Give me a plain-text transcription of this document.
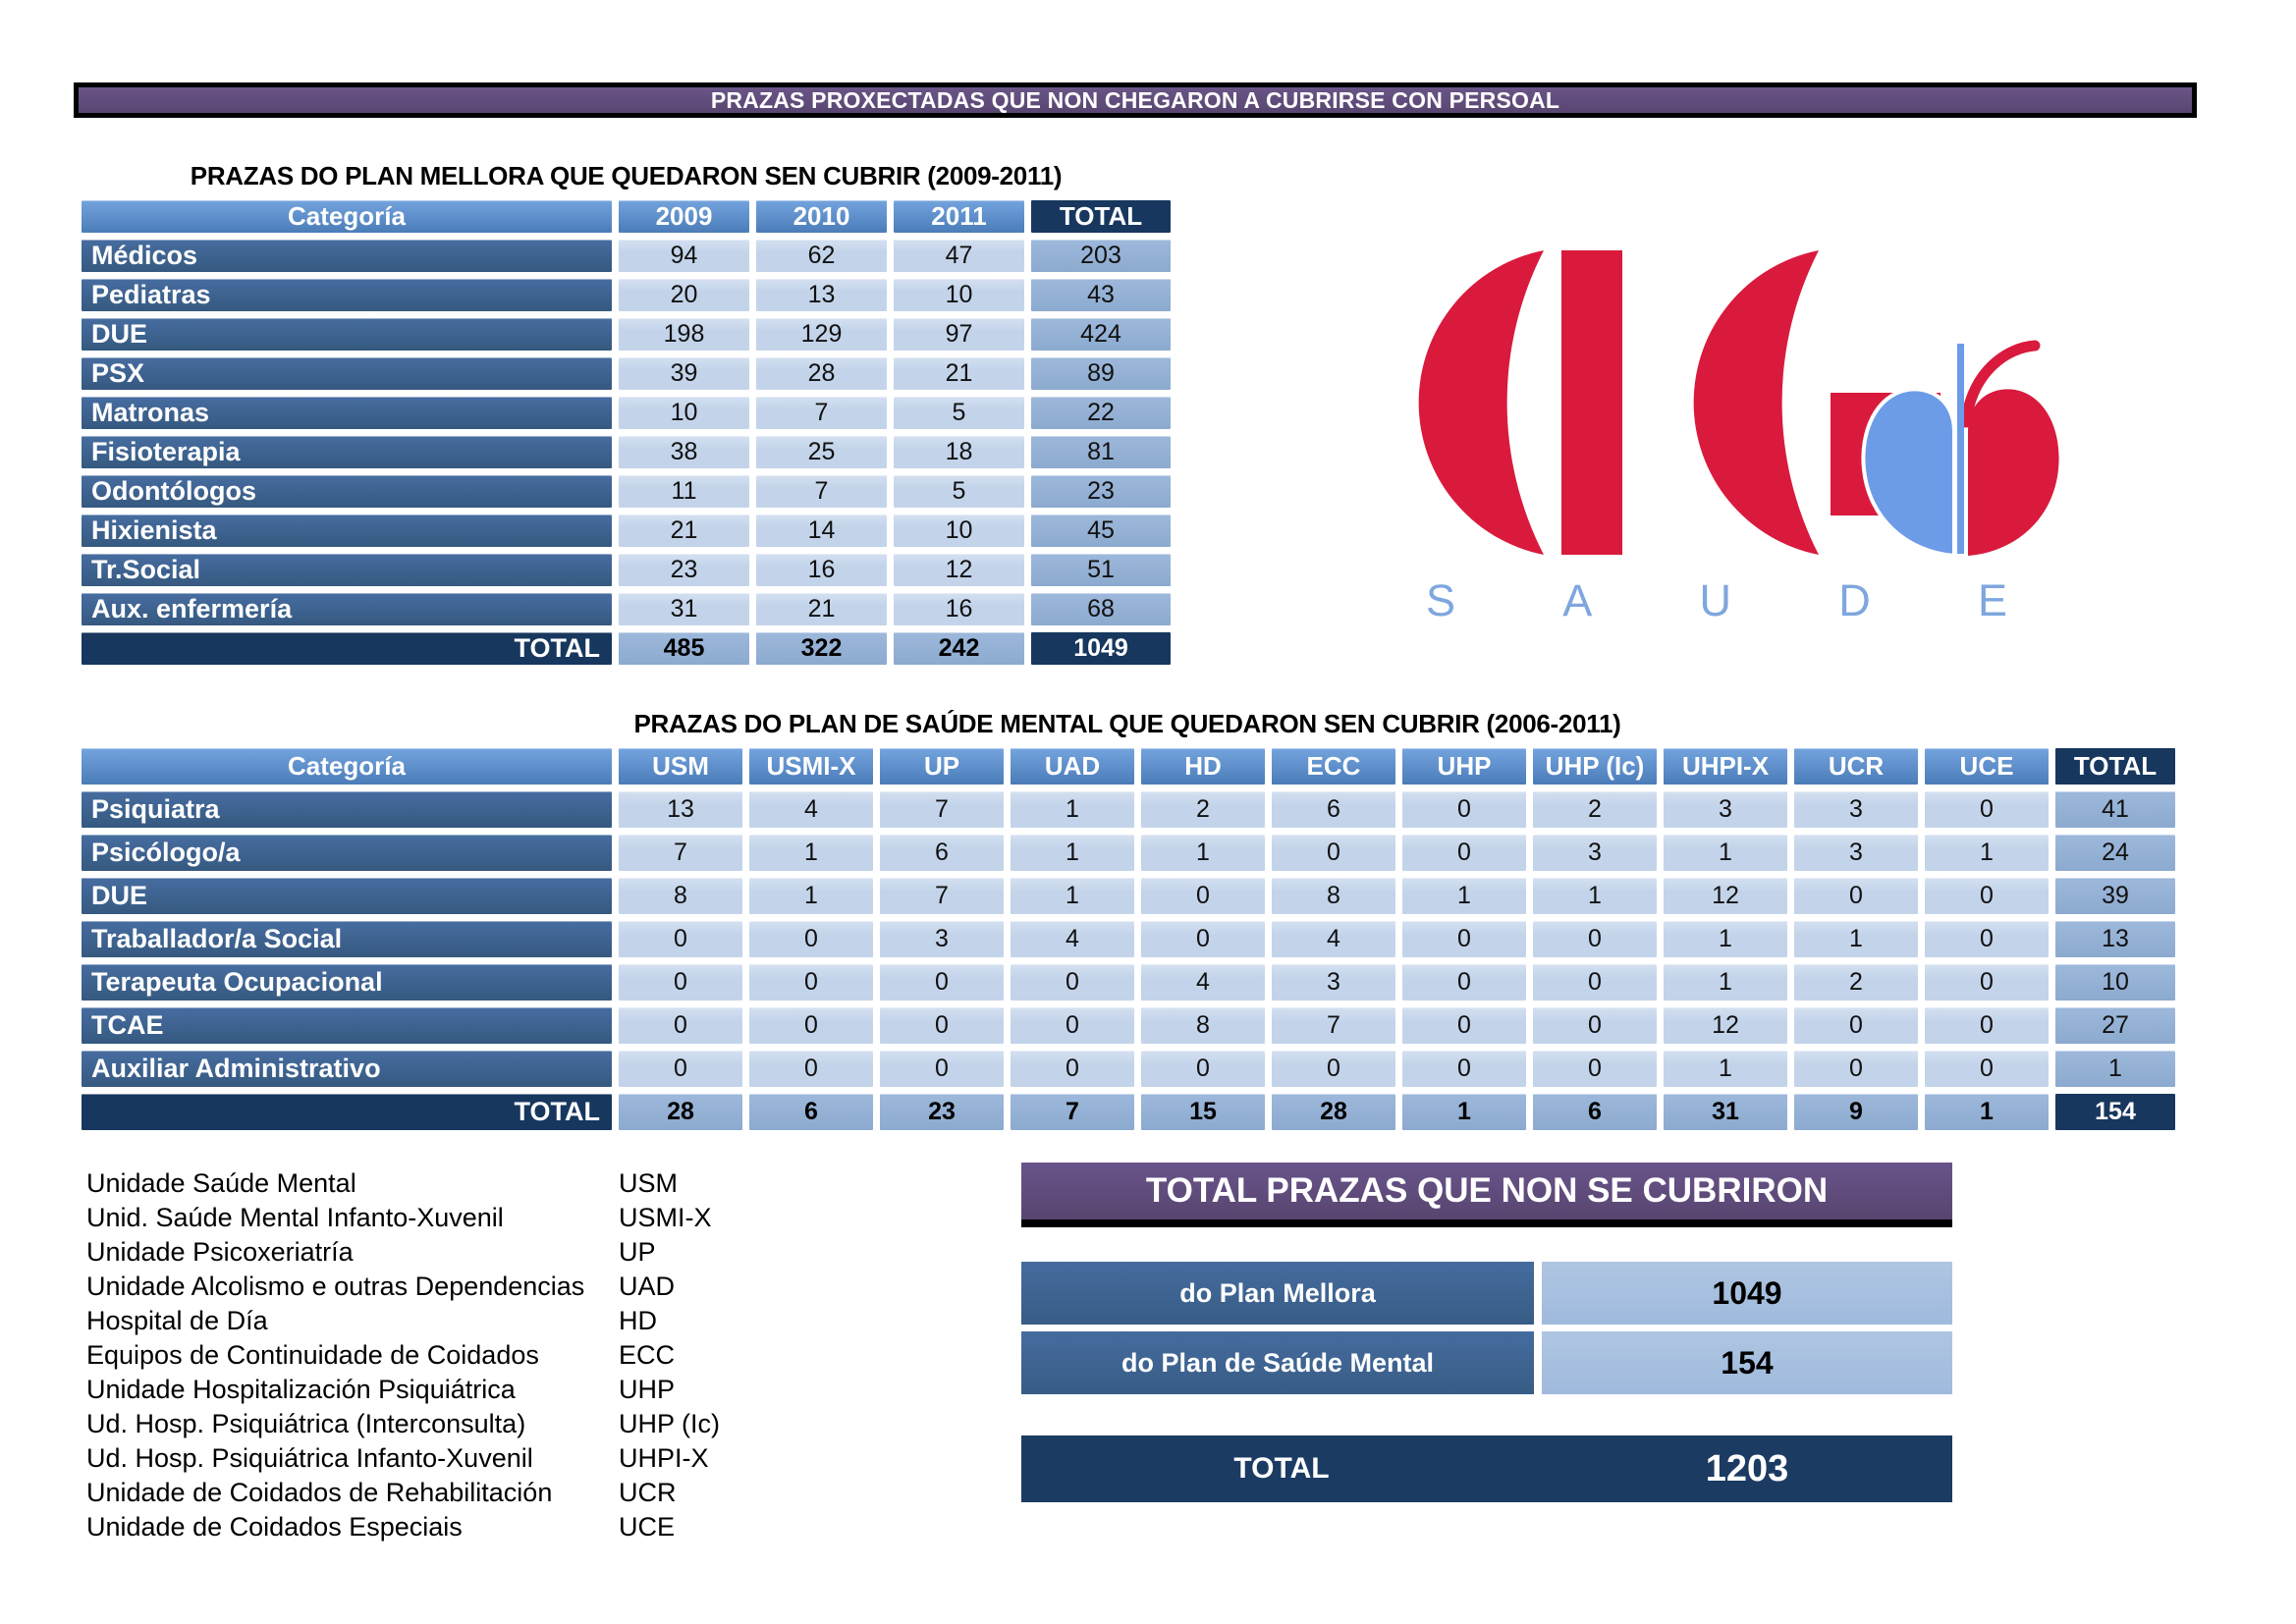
PRAZAS PROXECTADAS QUE NON CHEGARON A CUBRIRSE CON PERSOAL
PRAZAS DO PLAN MELLORA QUE QUEDARON SEN CUBRIR (2009-2011)
Categoría	2009	2010	2011	TOTAL
Médicos	94	62	47	203
Pediatras	20	13	10	43
DUE	198	129	97	424
PSX	39	28	21	89
Matronas	10	7	5	22
Fisioterapia	38	25	18	81
Odontólogos	11	7	5	23
Hixienista	21	14	10	45
Tr.Social	23	16	12	51
Aux. enfermería	31	21	16	68
TOTAL	485	322	242	1049
PRAZAS DO PLAN DE SAÚDE MENTAL QUE QUEDARON SEN CUBRIR (2006-2011)
Categoría	USM	USMI-X	UP	UAD	HD	ECC	UHP	UHP (Ic)	UHPI-X	UCR	UCE	TOTAL
Psiquiatra	13	4	7	1	2	6	0	2	3	3	0	41
Psicólogo/a	7	1	6	1	1	0	0	3	1	3	1	24
DUE	8	1	7	1	0	8	1	1	12	0	0	39
Traballador/a Social	0	0	3	4	0	4	0	0	1	1	0	13
Terapeuta Ocupacional	0	0	0	0	4	3	0	0	1	2	0	10
TCAE	0	0	0	0	8	7	0	0	12	0	0	27
Auxiliar Administrativo	0	0	0	0	0	0	0	0	1	0	0	1
TOTAL	28	6	23	7	15	28	1	6	31	9	1	154
S A U D E
Unidade Saúde Mental	USM
Unid. Saúde Mental Infanto-Xuvenil	USMI-X
Unidade Psicoxeriatría	UP
Unidade Alcolismo e outras Dependencias	UAD
Hospital de Día	HD
Equipos de Continuidade de Coidados	ECC
Unidade Hospitalización Psiquiátrica	UHP
Ud. Hosp. Psiquiátrica (Interconsulta)	UHP (Ic)
Ud. Hosp. Psiquiátrica Infanto-Xuvenil	UHPI-X
Unidade de Coidados de Rehabilitación	UCR
Unidade de Coidados Especiais	UCE
TOTAL PRAZAS QUE NON SE CUBRIRON
do Plan Mellora	1049
do Plan de Saúde Mental	154
TOTAL	1203
